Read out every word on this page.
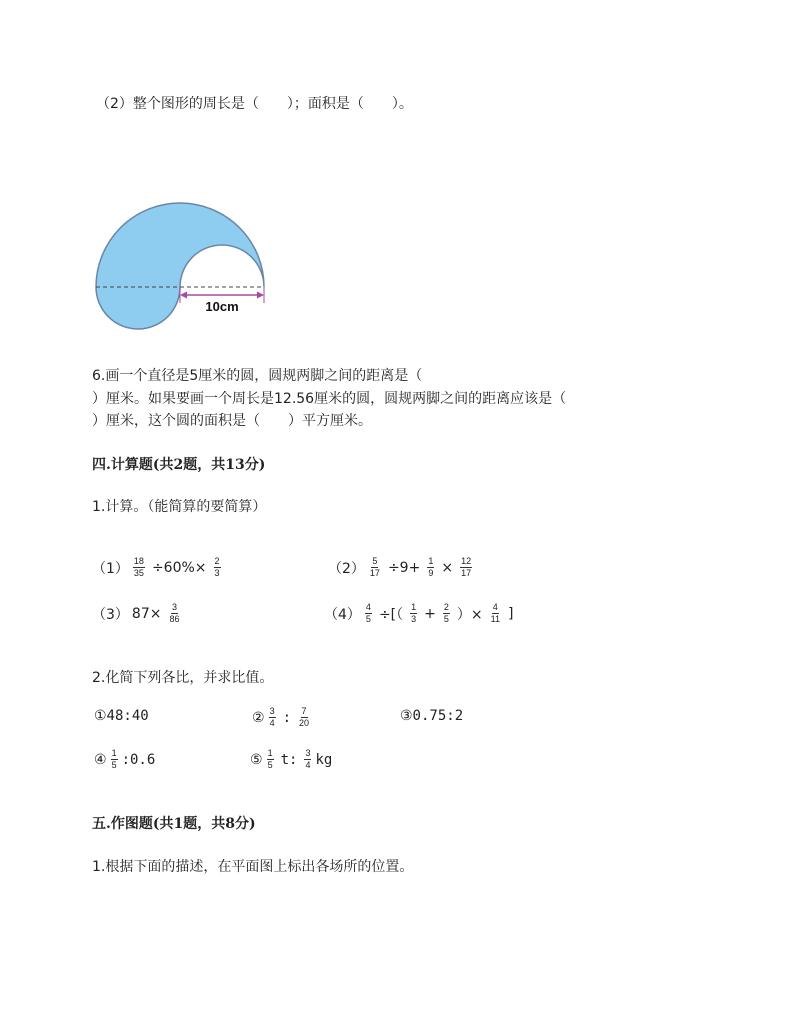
（2）整个图形的周长是（　　）；面积是（　　）。
10cm
6.画一个直径是5厘米的圆，圆规两脚之间的距离是（
）厘米。如果要画一个周长是12.56厘米的圆，圆规两脚之间的距离应该是（
）厘米，这个圆的面积是（　　）平方厘米。
四.计算题(共2题，共13分)
1.计算。（能简算的要简算）
$(1) \frac{18}{35} \div 60\%\times \frac{2}{3}$	$(2) \frac{5}{17} \div 9+ \frac{1}{9} \times \frac{12}{17}$
（3） $87\times \frac{3}{86}$	$(4) \frac{4}{5}$ ÷[（ $\frac{1}{3} + \frac{2}{5}$ ）× $\frac{4}{11}$ ]
2.化简下列各比，并求比值。
①48:40	② $\frac{3}{4}$ : $\frac{7}{20}$	③0.75:2
④ $\frac{1}{5}$ :0.6	⑤ $\frac{1}{5} t$: $\frac{3}{4}$ kg
五.作图题(共1题，共8分)
1.根据下面的描述，在平面图上标出各场所的位置。
